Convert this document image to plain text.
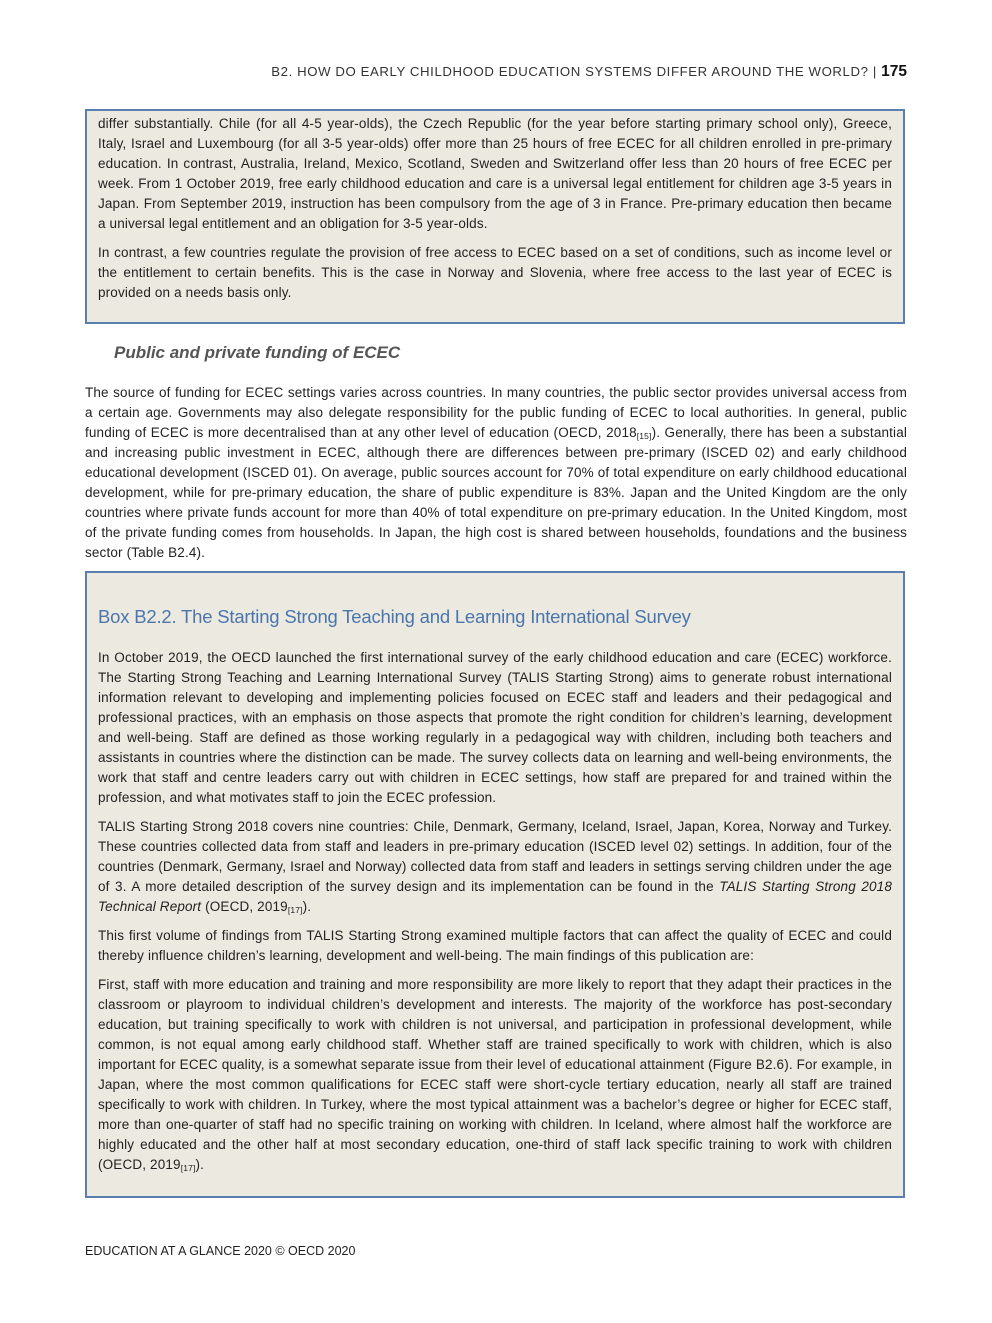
B2. HOW DO EARLY CHILDHOOD EDUCATION SYSTEMS DIFFER AROUND THE WORLD? | 175

differ substantially. Chile (for all 4-5 year-olds), the Czech Republic (for the year before starting primary school only), Greece, Italy, Israel and Luxembourg (for all 3-5 year-olds) offer more than 25 hours of free ECEC for all children enrolled in pre-primary education. In contrast, Australia, Ireland, Mexico, Scotland, Sweden and Switzerland offer less than 20 hours of free ECEC per week. From 1 October 2019, free early childhood education and care is a universal legal entitlement for children age 3-5 years in Japan. From September 2019, instruction has been compulsory from the age of 3 in France. Pre-primary education then became a universal legal entitlement and an obligation for 3-5 year-olds.

In contrast, a few countries regulate the provision of free access to ECEC based on a set of conditions, such as income level or the entitlement to certain benefits. This is the case in Norway and Slovenia, where free access to the last year of ECEC is provided on a needs basis only.

Public and private funding of ECEC

The source of funding for ECEC settings varies across countries. In many countries, the public sector provides universal access from a certain age. Governments may also delegate responsibility for the public funding of ECEC to local authorities. In general, public funding of ECEC is more decentralised than at any other level of education (OECD, $2018_{[15]}$). Generally, there has been a substantial and increasing public investment in ECEC, although there are differences between pre-primary (ISCED 02) and early childhood educational development (ISCED 01). On average, public sources account for 70% of total expenditure on early childhood educational development, while for pre-primary education, the share of public expenditure is 83%. Japan and the United Kingdom are the only countries where private funds account for more than 40% of total expenditure on pre-primary education. In the United Kingdom, most of the private funding comes from households. In Japan, the high cost is shared between households, foundations and the business sector (Table B2.4).

Box B2.2. The Starting Strong Teaching and Learning International Survey

In October 2019, the OECD launched the first international survey of the early childhood education and care (ECEC) workforce. The Starting Strong Teaching and Learning International Survey (TALIS Starting Strong) aims to generate robust international information relevant to developing and implementing policies focused on ECEC staff and leaders and their pedagogical and professional practices, with an emphasis on those aspects that promote the right condition for children’s learning, development and well-being. Staff are defined as those working regularly in a pedagogical way with children, including both teachers and assistants in countries where the distinction can be made. The survey collects data on learning and well-being environments, the work that staff and centre leaders carry out with children in ECEC settings, how staff are prepared for and trained within the profession, and what motivates staff to join the ECEC profession.

TALIS Starting Strong 2018 covers nine countries: Chile, Denmark, Germany, Iceland, Israel, Japan, Korea, Norway and Turkey. These countries collected data from staff and leaders in pre-primary education (ISCED level 02) settings. In addition, four of the countries (Denmark, Germany, Israel and Norway) collected data from staff and leaders in settings serving children under the age of 3. A more detailed description of the survey design and its implementation can be found in the TALIS Starting Strong 2018 Technical Report (OECD, $2019_{[17]}$).

This first volume of findings from TALIS Starting Strong examined multiple factors that can affect the quality of ECEC and could thereby influence children’s learning, development and well-being. The main findings of this publication are:

First, staff with more education and training and more responsibility are more likely to report that they adapt their practices in the classroom or playroom to individual children’s development and interests. The majority of the workforce has post-secondary education, but training specifically to work with children is not universal, and participation in professional development, while common, is not equal among early childhood staff. Whether staff are trained specifically to work with children, which is also important for ECEC quality, is a somewhat separate issue from their level of educational attainment (Figure B2.6). For example, in Japan, where the most common qualifications for ECEC staff were short-cycle tertiary education, nearly all staff are trained specifically to work with children. In Turkey, where the most typical attainment was a bachelor’s degree or higher for ECEC staff, more than one-quarter of staff had no specific training on working with children. In Iceland, where almost half the workforce are highly educated and the other half at most secondary education, one-third of staff lack specific training to work with children (OECD, $2019_{[17]}$).

EDUCATION AT A GLANCE 2020 © OECD 2020
